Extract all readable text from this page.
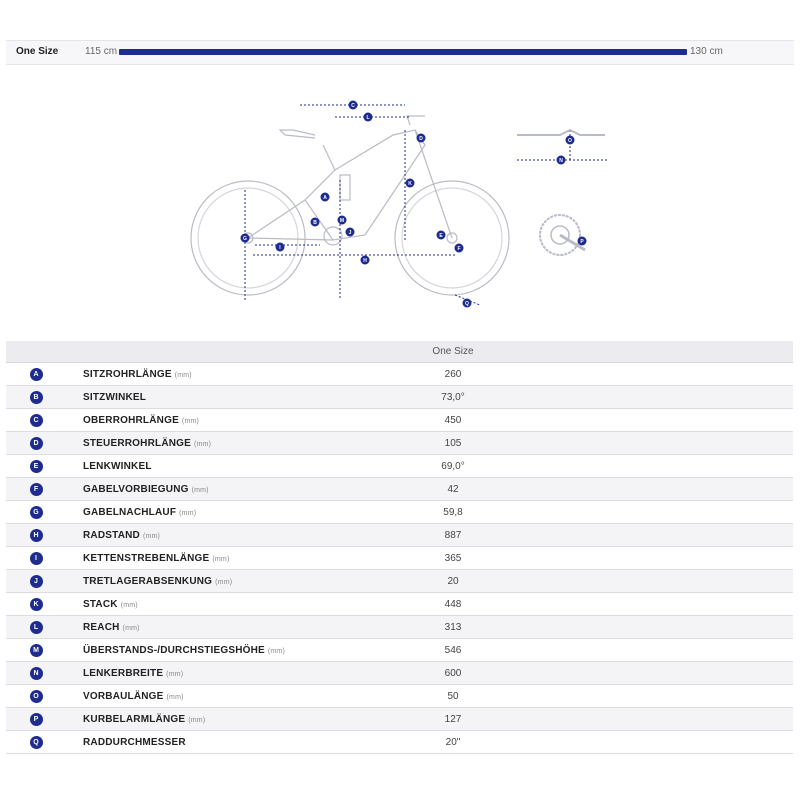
One Size	115 cm	130 cm
A
B
C
D
E
F
G
H
I
J
K
L
M
N
O
P
Q
		One Size
A	SITZROHRLÄNGE (mm)	260
B	SITZWINKEL	73,0°
C	OBERROHRLÄNGE (mm)	450
D	STEUERROHRLÄNGE (mm)	105
E	LENKWINKEL	69,0°
F	GABELVORBIEGUNG (mm)	42
G	GABELNACHLAUF (mm)	59,8
H	RADSTAND (mm)	887
I	KETTENSTREBENLÄNGE (mm)	365
J	TRETLAGERABSENKUNG (mm)	20
K	STACK (mm)	448
L	REACH (mm)	313
M	ÜBERSTANDS-/DURCHSTIEGSHÖHE (mm)	546
N	LENKERBREITE (mm)	600
O	VORBAULÄNGE (mm)	50
P	KURBELARMLÄNGE (mm)	127
Q	RADDURCHMESSER	20"
